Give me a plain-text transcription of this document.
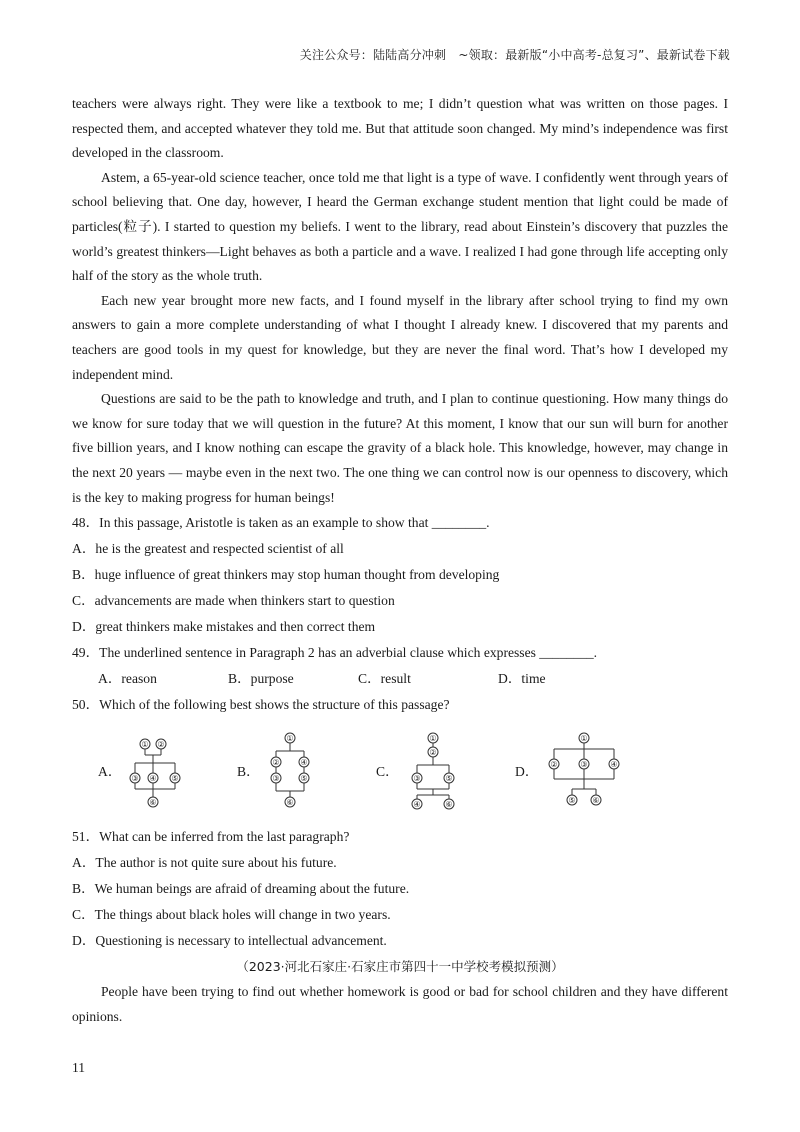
关注公众号：陆陆高分冲刺　~领取：最新版“小中高考-总复习”、最新试卷下载

teachers were always right. They were like a textbook to me; I didn’t question what was written on those pages. I respected them, and accepted whatever they told me. But that attitude soon changed. My mind’s independence was first developed in the classroom.

Astem, a 65-year-old science teacher, once told me that light is a type of wave. I confidently went through years of school believing that. One day, however, I heard the German exchange student mention that light could be made of particles(粒子). I started to question my beliefs. I went to the library, read about Einstein’s discovery that puzzles the world’s greatest thinkers—Light behaves as both a particle and a wave. I realized I had gone through life accepting only half of the story as the whole truth.

Each new year brought more new facts, and I found myself in the library after school trying to find my own answers to gain a more complete understanding of what I thought I already knew. I discovered that my parents and teachers are good tools in my quest for knowledge, but they are never the final word. That’s how I developed my independent mind.

Questions are said to be the path to knowledge and truth, and I plan to continue questioning. How many things do we know for sure today that we will question in the future? At this moment, I know that our sun will burn for another five billion years, and I know nothing can escape the gravity of a black hole. This knowledge, however, may change in the next 20 years — maybe even in the next two. The one thing we can control now is our openness to discovery, which is the key to making progress for human beings!

48．In this passage, Aristotle is taken as an example to show that ________.

A．he is the greatest and respected scientist of all

B．huge influence of great thinkers may stop human thought from developing

C．advancements are made when thinkers start to question

D．great thinkers make mistakes and then correct them

49．The underlined sentence in Paragraph 2 has an adverbial clause which expresses ________.

A．reason	B．purpose	C．result	D．time

50．Which of the following best shows the structure of this passage?

A．
① ②
③ ④ ⑤
⑥
B．
①
②	④
③	⑤
⑥
C．
①
②
③	⑤
④	⑥
D．
①
②	③	④
⑤ ⑥

51．What can be inferred from the last paragraph?

A．The author is not quite sure about his future.

B．We human beings are afraid of dreaming about the future.

C．The things about black holes will change in two years.

D．Questioning is necessary to intellectual advancement.

（2023·河北石家庄·石家庄市第四十一中学校考模拟预测）

People have been trying to find out whether homework is good or bad for school children and they have different opinions.

11
